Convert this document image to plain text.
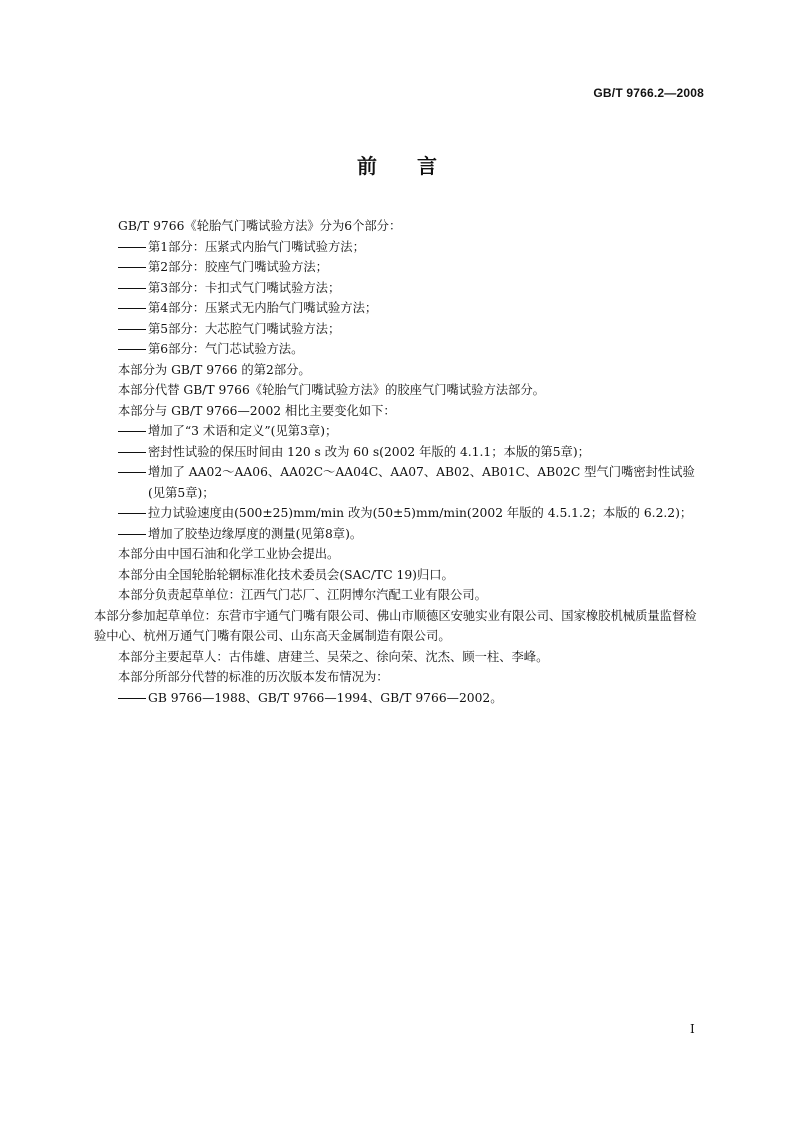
GB/T 9766.2—2008
前言

GB/T 9766《轮胎气门嘴试验方法》分为6个部分：

第1部分：压紧式内胎气门嘴试验方法；
第2部分：胶座气门嘴试验方法；
第3部分：卡扣式气门嘴试验方法；
第4部分：压紧式无内胎气门嘴试验方法；
第5部分：大芯腔气门嘴试验方法；
第6部分：气门芯试验方法。

本部分为 GB/T 9766 的第2部分。

本部分代替 GB/T 9766《轮胎气门嘴试验方法》的胶座气门嘴试验方法部分。

本部分与 GB/T 9766—2002 相比主要变化如下：

增加了“3 术语和定义”(见第3章)；
密封性试验的保压时间由 120 s 改为 60 s(2002 年版的 4.1.1；本版的第5章)；
增加了 AA02～AA06、AA02C～AA04C、AA07、AB02、AB01C、AB02C 型气门嘴密封性试验
(见第5章)；
拉力试验速度由(500±25)mm/min 改为(50±5)mm/min(2002 年版的 4.5.1.2；本版的 6.2.2)；
增加了胶垫边缘厚度的测量(见第8章)。

本部分由中国石油和化学工业协会提出。

本部分由全国轮胎轮辋标准化技术委员会(SAC/TC 19)归口。

本部分负责起草单位：江西气门芯厂、江阴博尔汽配工业有限公司。

本部分参加起草单位：东营市宇通气门嘴有限公司、佛山市顺德区安驰实业有限公司、国家橡胶机械质量监督检验中心、杭州万通气门嘴有限公司、山东高天金属制造有限公司。

本部分主要起草人：古伟雄、唐建兰、吴荣之、徐向荣、沈杰、顾一柱、李峰。

本部分所部分代替的标准的历次版本发布情况为：

GB 9766—1988、GB/T 9766—1994、GB/T 9766—2002。
I
